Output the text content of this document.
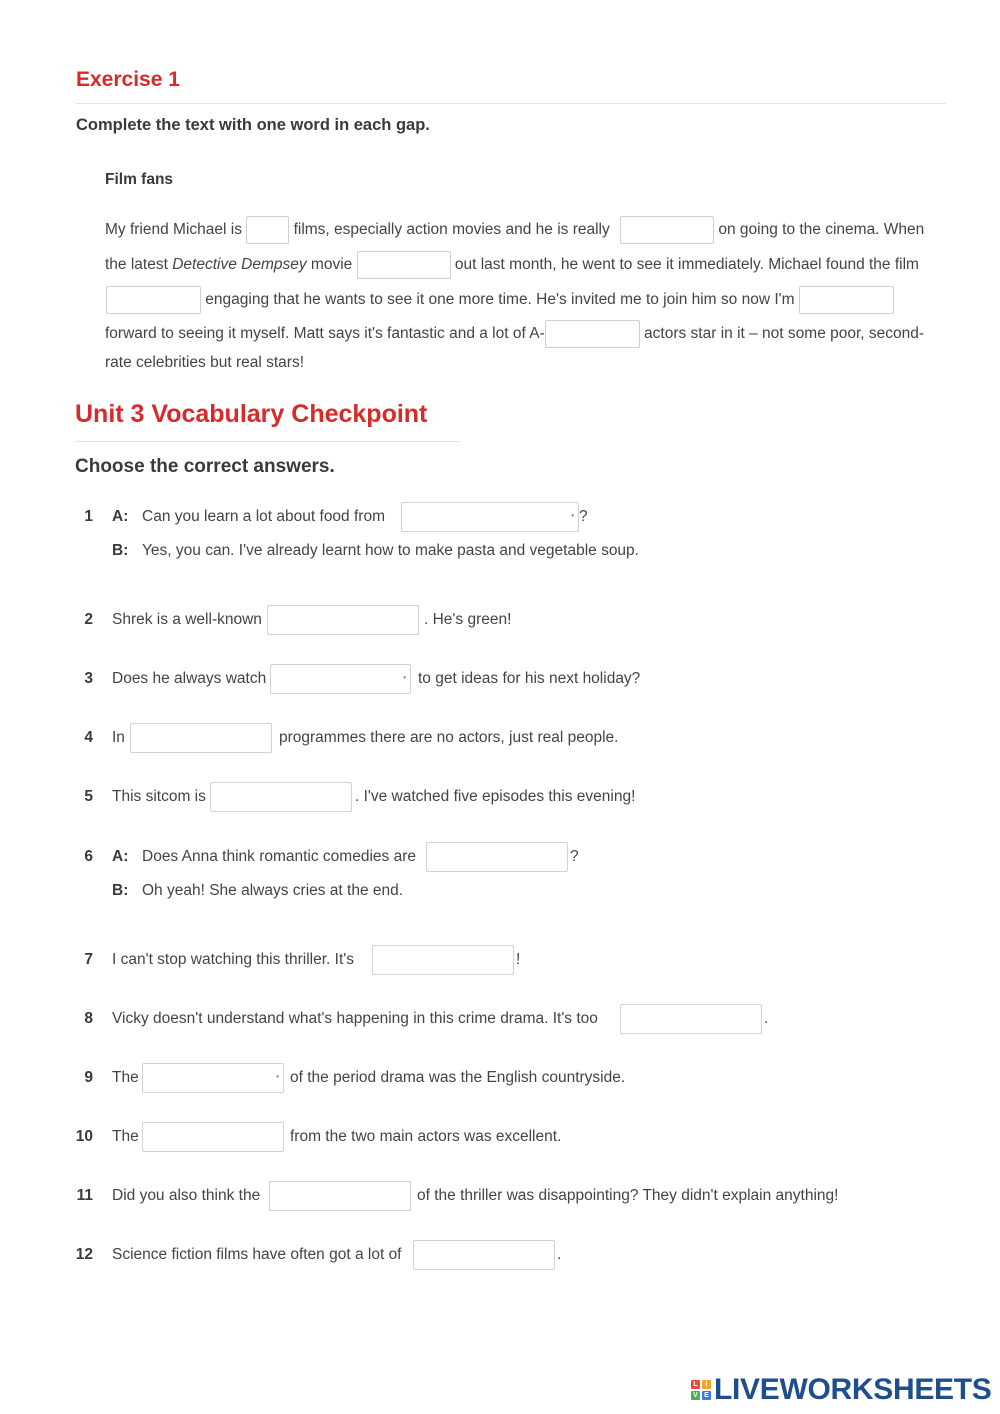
Exercise 1
Complete the text with one word in each gap.
Film fans
My friend Michael is	films, especially action movies and he is really	on going to the cinema. When
the latest Detective Dempsey movie	out last month, he went to see it immediately. Michael found the film
engaging that he wants to see it one more time. He's invited me to join him so now I'm
forward to seeing it myself. Matt says it's fantastic and a lot of A-	actors star in it – not some poor, second-
rate celebrities but real stars!
Unit 3 Vocabulary Checkpoint
Choose the correct answers.
1 A: Can you learn a lot about food from	• ?
B: Yes, you can. I've already learnt how to make pasta and vegetable soup.
2 Shrek is a well-known	. He's green!
3 Does he always watch	• to get ideas for his next holiday?
4 In	programmes there are no actors, just real people.
5 This sitcom is	. I've watched five episodes this evening!
6 A: Does Anna think romantic comedies are	?
B: Oh yeah! She always cries at the end.
7 I can't stop watching this thriller. It's	!
8 Vicky doesn't understand what's happening in this crime drama. It's too	.
9 The	• of the period drama was the English countryside.
10 The	from the two main actors was excellent.
11 Did you also think the	of the thriller was disappointing? They didn't explain anything!
12 Science fiction films have often got a lot of	.
L	I
V E LIVEWORKSHEETS
